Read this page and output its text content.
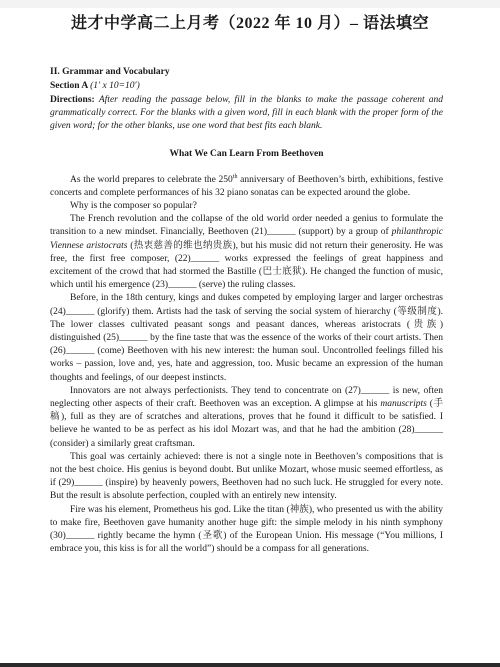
进才中学高二上月考（2022 年 10 月）– 语法填空
II. Grammar and Vocabulary
Section A (1′ x 10=10′)

Directions: After reading the passage below, fill in the blanks to make the passage coherent and grammatically correct. For the blanks with a given word, fill in each blank with the proper form of the given word; for the other blanks, use one word that best fits each blank.

What We Can Learn From Beethoven

As the world prepares to celebrate the 250th anniversary of Beethoven’s birth, exhibitions, festive concerts and complete performances of his 32 piano sonatas can be expected around the globe.

Why is the composer so popular?

The French revolution and the collapse of the old world order needed a genius to formulate the transition to a new mindset. Financially, Beethoven (21)______ (support) by a group of philanthropic Viennese aristocrats (热衷慈善的维也纳贵族), but his music did not return their generosity. He was free, the first free composer, (22)______ works expressed the feelings of great happiness and excitement of the crowd that had stormed the Bastille (巴士底狱). He changed the function of music, which until his emergence (23)______ (serve) the ruling classes.

Before, in the 18th century, kings and dukes competed by employing larger and larger orchestras (24)______ (glorify) them. Artists had the task of serving the social system of hierarchy (等级制度). The lower classes cultivated peasant songs and peasant dances, whereas aristocrats (贵族) distinguished (25)______ by the fine taste that was the essence of the works of their court artists. Then (26)______ (come) Beethoven with his new interest: the human soul. Uncontrolled feelings filled his works – passion, love and, yes, hate and aggression, too. Music became an expression of the human thoughts and feelings, of our deepest instincts.

Innovators are not always perfectionists. They tend to concentrate on (27)______ is new, often neglecting other aspects of their craft. Beethoven was an exception. A glimpse at his manuscripts (手稿), full as they are of scratches and alterations, proves that he found it difficult to be satisfied. I believe he wanted to be as perfect as his idol Mozart was, and that he had the ambition (28)______ (consider) a similarly great craftsman.

This goal was certainly achieved: there is not a single note in Beethoven’s compositions that is not the best choice. His genius is beyond doubt. But unlike Mozart, whose music seemed effortless, as if (29)______ (inspire) by heavenly powers, Beethoven had no such luck. He struggled for every note. But the result is absolute perfection, coupled with an entirely new intensity.

Fire was his element, Prometheus his god. Like the titan (神族), who presented us with the ability to make fire, Beethoven gave humanity another huge gift: the simple melody in his ninth symphony (30)______ rightly became the hymn (圣歌) of the European Union. His message (“You millions, I embrace you, this kiss is for all the world”) should be a compass for all generations.
